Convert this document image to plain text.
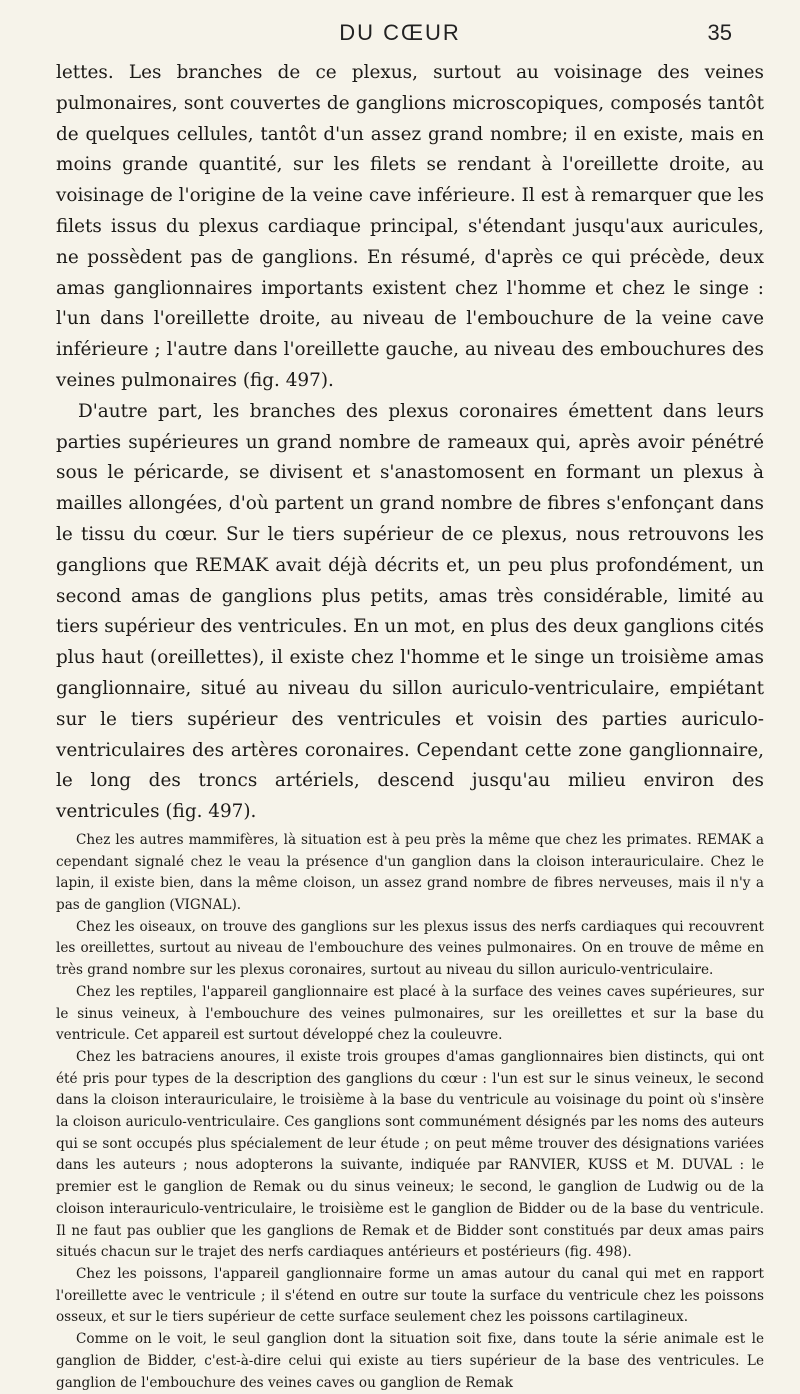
DU CŒUR	35

lettes. Les branches de ce plexus, surtout au voisinage des veines pulmonaires, sont couvertes de ganglions microscopiques, composés tantôt de quelques cellules, tantôt d'un assez grand nombre; il en existe, mais en moins grande quantité, sur les filets se rendant à l'oreillette droite, au voisinage de l'origine de la veine cave inférieure. Il est à remarquer que les filets issus du plexus cardiaque principal, s'étendant jusqu'aux auricules, ne possèdent pas de ganglions. En résumé, d'après ce qui précède, deux amas ganglionnaires importants existent chez l'homme et chez le singe : l'un dans l'oreillette droite, au niveau de l'embouchure de la veine cave inférieure ; l'autre dans l'oreillette gauche, au niveau des embouchures des veines pulmonaires (fig. 497).

D'autre part, les branches des plexus coronaires émettent dans leurs parties supérieures un grand nombre de rameaux qui, après avoir pénétré sous le péricarde, se divisent et s'anastomosent en formant un plexus à mailles allongées, d'où partent un grand nombre de fibres s'enfonçant dans le tissu du cœur. Sur le tiers supérieur de ce plexus, nous retrouvons les ganglions que REMAK avait déjà décrits et, un peu plus profondément, un second amas de ganglions plus petits, amas très considérable, limité au tiers supérieur des ventricules. En un mot, en plus des deux ganglions cités plus haut (oreillettes), il existe chez l'homme et le singe un troisième amas ganglionnaire, situé au niveau du sillon auriculo-ventriculaire, empiétant sur le tiers supérieur des ventricules et voisin des parties auriculo-ventriculaires des artères coronaires. Cependant cette zone ganglionnaire, le long des troncs artériels, descend jusqu'au milieu environ des ventricules (fig. 497).

Chez les autres mammifères, là situation est à peu près la même que chez les primates. REMAK a cependant signalé chez le veau la présence d'un ganglion dans la cloison interauriculaire. Chez le lapin, il existe bien, dans la même cloison, un assez grand nombre de fibres nerveuses, mais il n'y a pas de ganglion (VIGNAL).

Chez les oiseaux, on trouve des ganglions sur les plexus issus des nerfs cardiaques qui recouvrent les oreillettes, surtout au niveau de l'embouchure des veines pulmonaires. On en trouve de même en très grand nombre sur les plexus coronaires, surtout au niveau du sillon auriculo-ventriculaire.

Chez les reptiles, l'appareil ganglionnaire est placé à la surface des veines caves supérieures, sur le sinus veineux, à l'embouchure des veines pulmonaires, sur les oreillettes et sur la base du ventricule. Cet appareil est surtout développé chez la couleuvre.

Chez les batraciens anoures, il existe trois groupes d'amas ganglionnaires bien distincts, qui ont été pris pour types de la description des ganglions du cœur : l'un est sur le sinus veineux, le second dans la cloison interauriculaire, le troisième à la base du ventricule au voisinage du point où s'insère la cloison auriculo-ventriculaire. Ces ganglions sont communément désignés par les noms des auteurs qui se sont occupés plus spécialement de leur étude ; on peut même trouver des désignations variées dans les auteurs ; nous adopterons la suivante, indiquée par RANVIER, KUSS et M. DUVAL : le premier est le ganglion de Remak ou du sinus veineux; le second, le ganglion de Ludwig ou de la cloison interauriculo-ventriculaire, le troisième est le ganglion de Bidder ou de la base du ventricule. Il ne faut pas oublier que les ganglions de Remak et de Bidder sont constitués par deux amas pairs situés chacun sur le trajet des nerfs cardiaques antérieurs et postérieurs (fig. 498).

Chez les poissons, l'appareil ganglionnaire forme un amas autour du canal qui met en rapport l'oreillette avec le ventricule ; il s'étend en outre sur toute la surface du ventricule chez les poissons osseux, et sur le tiers supérieur de cette surface seulement chez les poissons cartilagineux.

Comme on le voit, le seul ganglion dont la situation soit fixe, dans toute la série animale est le ganglion de Bidder, c'est-à-dire celui qui existe au tiers supérieur de la base des ventricules. Le ganglion de l'embouchure des veines caves ou ganglion de Remak
